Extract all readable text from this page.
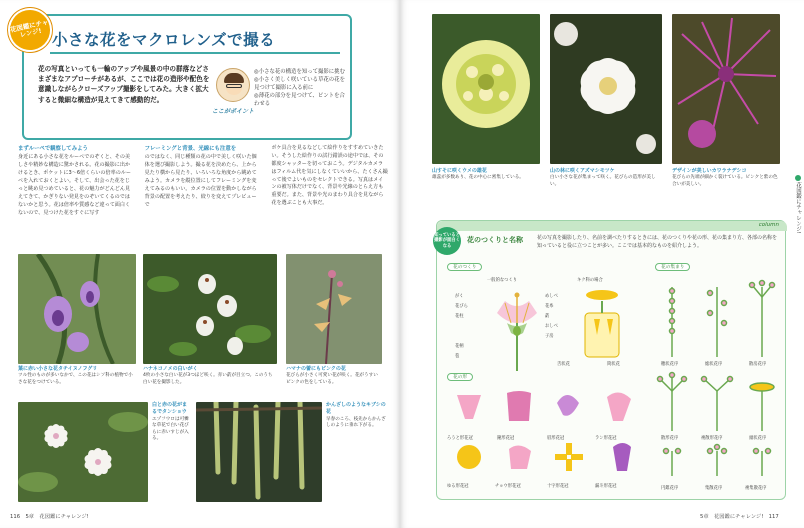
小さな花をマクロレンズで撮る
花の写真といっても一輪のアップや風景の中の群落などさまざまなアプローチがあるが、ここでは花の造形や配色を意識しながらクローズアップ撮影をしてみた。大きく拡大すると微細な構造が見えてきて感動的だ。
ここがポイント
◎小さな花の構造を知って撮影に挑む
◎小さく美しく咲いている草花の花を見つけて撮影に入る前に
◎薄花の部分を見つけて、ピントを合わせる
花図鑑にチャレンジ!
まずルーペで観察してみよう
身近にある小さな花をルーペでのぞくと、その美しさや精妙な構造に驚かされる。花の撮影に出かけるとき、ポケットに3〜6倍くらいの倍率のルーペを入れておくとよい。そして、出会った花をじっと眺め見つめていると、花の魅力がどんどん見えてきて、かぎりない発見をのぞいてくるのではないかと思う。花は倍率や質感など違って面白くないので、見つけた花をすぐに写す
フレーミングと背景、光線にも注意を
のではなく、同じ種類の花の中で美しく咲いた個体を選び撮影しよう。撮る花を決めたら、上から見たり横から見たり、いろいろな角度から眺めてみよう。カメラを縦位置にしてフレーミングを変えてみるのもいい。カメラの位置を動かしながら背景の配置を考えたり、絞りを変えてプレビューで
ボケ具合を見るなどして絵作りをすすめていきたい。そうした絵作りの試行錯誤の途中では、その都度シャッターを切っておこう。デジタルカメラはフィルム代を気にしなくていいから、たくさん撮って後でよいものをセレクトできる。写真はメインの被写体だけでなく、背景や光線のとらえ方も重要だ。また、背景や光のまわり具合を見ながら花を選ぶことも大事だ。
葉に赤い小さな花タチイヌノフグリ
ツル性のものが多いなかで、この花はシソ科の植物で小さな花をつけている。
ハナネコノメの白いがく
4枚の小さな白い花が3つほど咲く。赤い葯が目立つ。このうち白い花を撮影した。
ハマナの蕾にもピンクの花
花びらが小さく可愛い花が咲く。花がうすいピンクの色をしている。
白と赤の花がまるでタンショウ
エゾフウロは可憐な草花で白い花びらに赤いすじが入る。
かんざしのようなキブシの花
早春のころ、枝先からかんざしのように垂れ下がる。
116　 5章　花図鑑にチャレンジ!
山すそに咲くウメの雄花
雄蕊が多数あり、花の中心に密集している。
山の林に咲くアズマシモツケ
白い小さな花が集まって咲く。花びらの造形が美しい。
デザインが美しいカワラナデシコ
花びらの先端が細かく裂けている。ピンクと紫の色合いが美しい。	花図鑑にチャレンジ!
5章　花図鑑にチャレンジ!　 117
column
知っていると撮影が面白くなる
花のつくりと名称	花の写真を撮影したり、名前を調べたりするときには、花のつくりや花の形、花の集まり方、各部の名称を知っていると役に立つことが多い。ここでは基本的なものを紹介しよう。
花のつくり	花の集まり
花の形
一般的なつくり	キク科の場合
がく
花びら
花柱
めしべ
花糸
葯
おしべ
子房
花柄
苞
舌状花	筒状花	穂状花序	総状花序	散房花序
散形花序	複散形花序	頭状花序
円錐花序	集散花序	複集散花序
ろうと形花冠	鐘形花冠	唇形花冠	ラン形花冠
ゆる形花冠	チョウ形花冠	十字形花冠	漏斗形花冠
